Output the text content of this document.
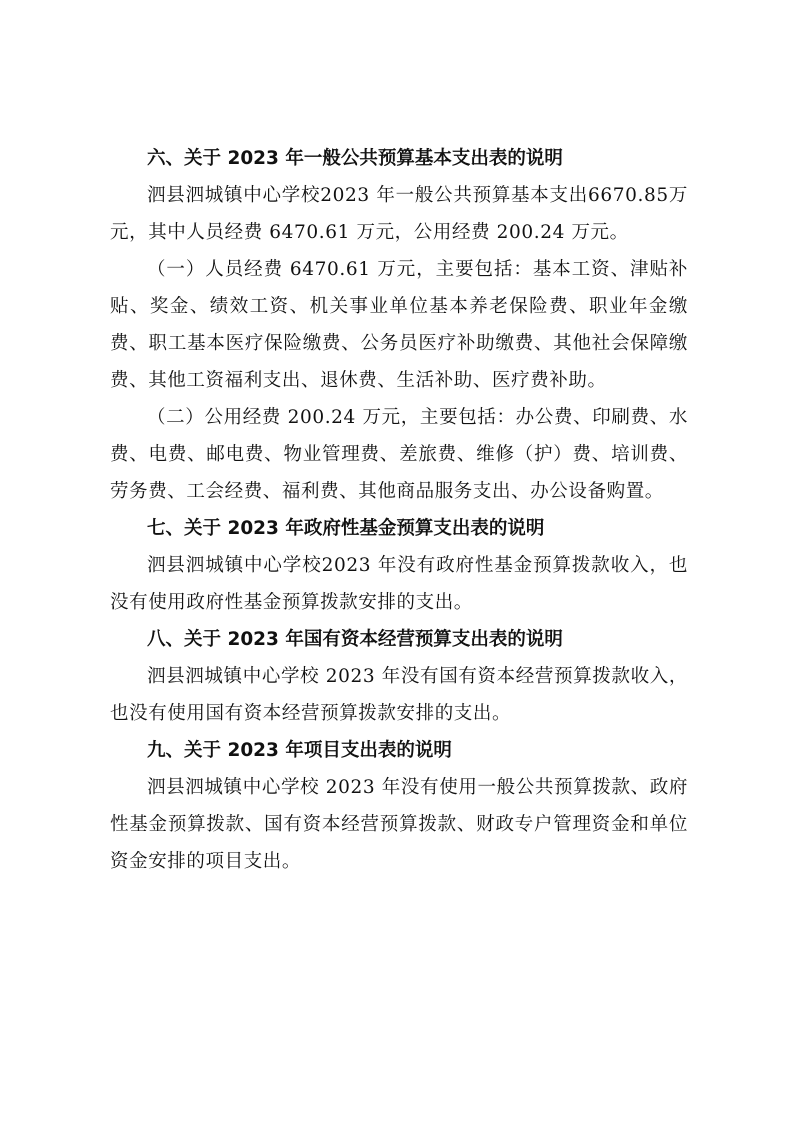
六、关于 2023 年一般公共预算基本支出表的说明

泗县泗城镇中心学校2023 年一般公共预算基本支出6670.85万元，其中人员经费 6470.61 万元，公用经费 200.24 万元。

（一）人员经费 6470.61 万元，主要包括：基本工资、津贴补贴、奖金、绩效工资、机关事业单位基本养老保险费、职业年金缴费、职工基本医疗保险缴费、公务员医疗补助缴费、其他社会保障缴费、其他工资福利支出、退休费、生活补助、医疗费补助。

（二）公用经费 200.24 万元，主要包括：办公费、印刷费、水费、电费、邮电费、物业管理费、差旅费、维修（护）费、培训费、劳务费、工会经费、福利费、其他商品服务支出、办公设备购置。

七、关于 2023 年政府性基金预算支出表的说明

泗县泗城镇中心学校2023 年没有政府性基金预算拨款收入，也没有使用政府性基金预算拨款安排的支出。

八、关于 2023 年国有资本经营预算支出表的说明

泗县泗城镇中心学校 2023 年没有国有资本经营预算拨款收入，也没有使用国有资本经营预算拨款安排的支出。

九、关于 2023 年项目支出表的说明

泗县泗城镇中心学校 2023 年没有使用一般公共预算拨款、政府性基金预算拨款、国有资本经营预算拨款、财政专户管理资金和单位资金安排的项目支出。
